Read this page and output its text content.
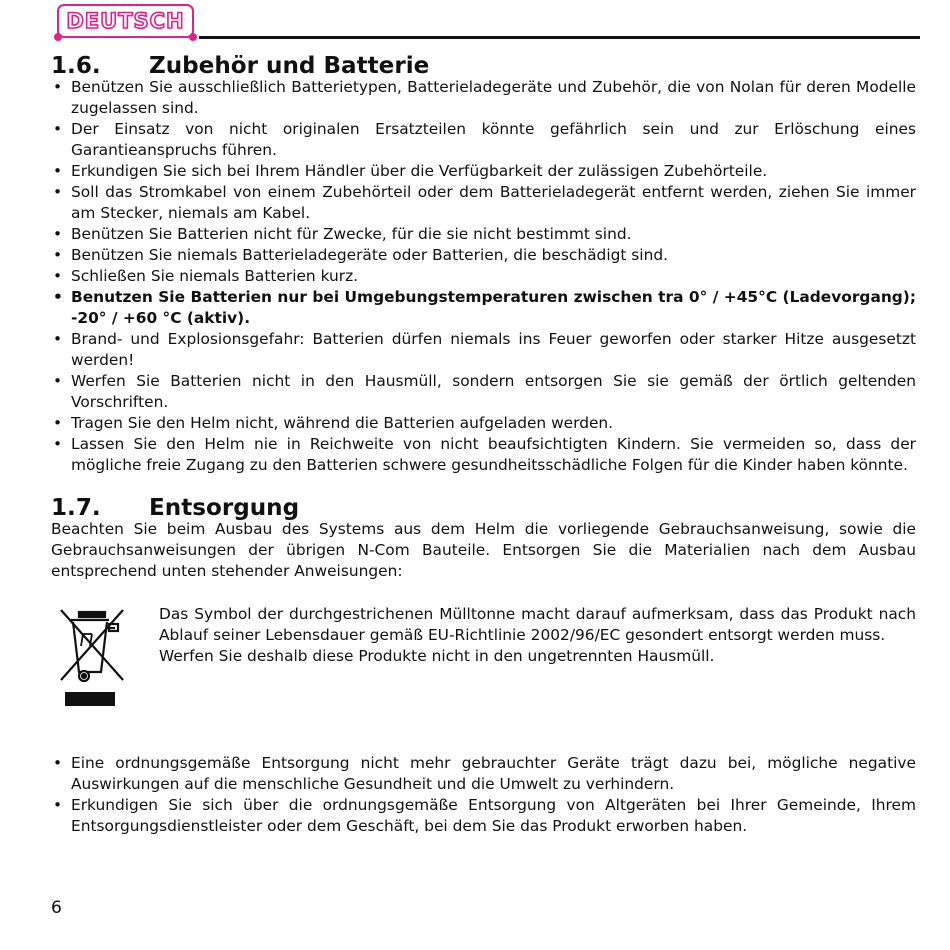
DEUTSCH
1.6.	Zubehör und Batterie
• Benützen Sie ausschließlich Batterietypen, Batterieladegeräte und Zubehör, die von Nolan für deren Modelle zugelassen sind.
• Der Einsatz von nicht originalen Ersatzteilen könnte gefährlich sein und zur Erlöschung eines Garantieanspruchs führen.
• Erkundigen Sie sich bei Ihrem Händler über die Verfügbarkeit der zulässigen Zubehörteile.
• Soll das Stromkabel von einem Zubehörteil oder dem Batterieladegerät entfernt werden, ziehen Sie immer am Stecker, niemals am Kabel.
• Benützen Sie Batterien nicht für Zwecke, für die sie nicht bestimmt sind.
• Benützen Sie niemals Batterieladegeräte oder Batterien, die beschädigt sind.
• Schließen Sie niemals Batterien kurz.
• Benutzen Sie Batterien nur bei Umgebungstemperaturen zwischen tra 0° / +45°C (Ladevorgang); -20° / +60 °C (aktiv).
• Brand- und Explosionsgefahr: Batterien dürfen niemals ins Feuer geworfen oder starker Hitze ausgesetzt werden!
• Werfen Sie Batterien nicht in den Hausmüll, sondern entsorgen Sie sie gemäß der örtlich geltenden Vorschriften.
• Tragen Sie den Helm nicht, während die Batterien aufgeladen werden.
• Lassen Sie den Helm nie in Reichweite von nicht beaufsichtigten Kindern. Sie vermeiden so, dass der mögliche freie Zugang zu den Batterien schwere gesundheitsschädliche Folgen für die Kinder haben könnte.
1.7.	Entsorgung

Beachten Sie beim Ausbau des Systems aus dem Helm die vorliegende Gebrauchsanweisung, sowie die Gebrauchsanweisungen der übrigen N-Com Bauteile. Entsorgen Sie die Materialien nach dem Ausbau entsprechend unten stehender Anweisungen:

Das Symbol der durchgestrichenen Mülltonne macht darauf aufmerksam, dass das Produkt nach Ablauf seiner Lebensdauer gemäß EU-Richtlinie 2002/96/EC gesondert entsorgt werden muss.

Werfen Sie deshalb diese Produkte nicht in den ungetrennten Hausmüll.

• Eine ordnungsgemäße Entsorgung nicht mehr gebrauchter Geräte trägt dazu bei, mögliche negative Auswirkungen auf die menschliche Gesundheit und die Umwelt zu verhindern.
• Erkundigen Sie sich über die ordnungsgemäße Entsorgung von Altgeräten bei Ihrer Gemeinde, Ihrem Entsorgungsdienstleister oder dem Geschäft, bei dem Sie das Produkt erworben haben.
6
